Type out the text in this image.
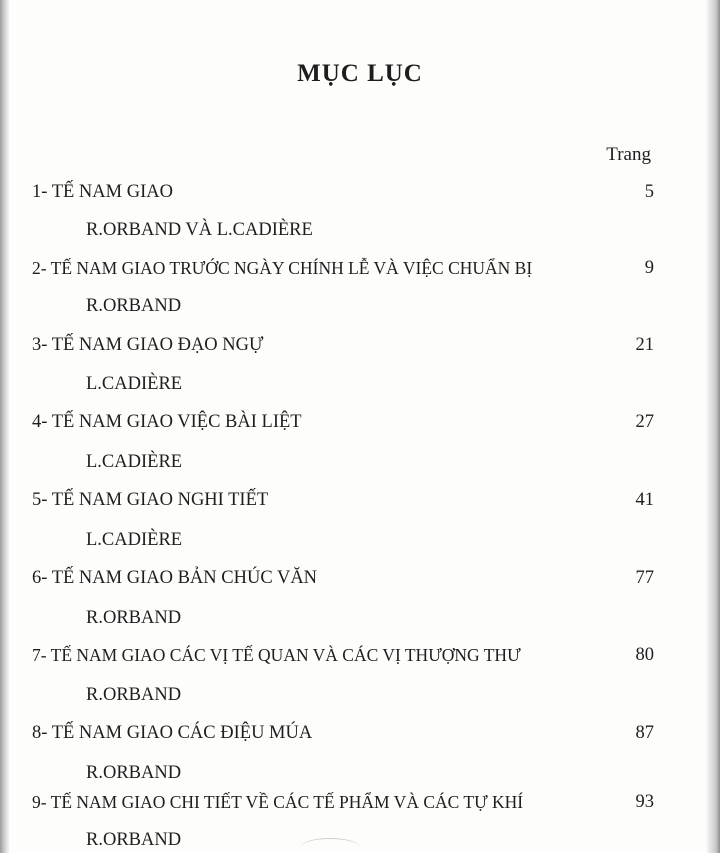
MỤC LỤC
Trang
1- TẾ NAM GIAO	5
R.ORBAND VÀ L.CADIÈRE
2- TẾ NAM GIAO TRƯỚC NGÀY CHÍNH LỄ VÀ VIỆC CHUẨN BỊ	9
R.ORBAND
3- TẾ NAM GIAO ĐẠO NGỰ	21
L.CADIÈRE
4- TẾ NAM GIAO VIỆC BÀI LIỆT	27
L.CADIÈRE
5- TẾ NAM GIAO NGHI TIẾT	41
L.CADIÈRE
6- TẾ NAM GIAO BẢN CHÚC VĂN	77
R.ORBAND
7- TẾ NAM GIAO CÁC VỊ TẾ QUAN VÀ CÁC VỊ THƯỢNG THƯ	80
R.ORBAND
8- TẾ NAM GIAO CÁC ĐIỆU MÚA	87
R.ORBAND
9- TẾ NAM GIAO CHI TIẾT VỀ CÁC TẾ PHẨM VÀ CÁC TỰ KHÍ	93
R.ORBAND
